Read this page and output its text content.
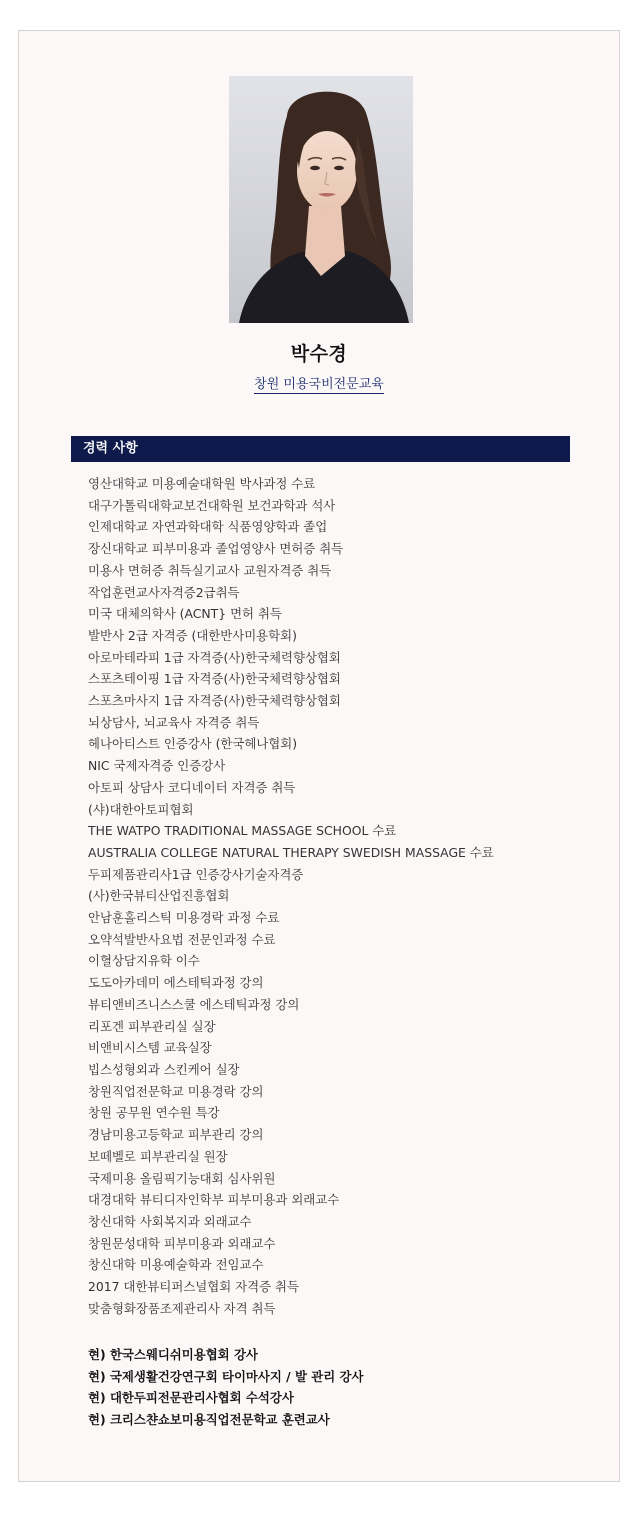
박수경
창원 미용국비전문교육
경력 사항
영산대학교 미용예술대학원 박사과정 수료
대구가톨릭대학교보건대학원 보건과학과 석사
인제대학교 자연과학대학 식품영양학과 졸업
장신대학교 피부미용과 졸업영양사 면허증 취득
미용사 면허증 취득실기교사 교원자격증 취득
작업훈련교사자격증2급취득
미국 대체의학사 (ACNT} 면허 취득
발반사 2급 자격증 (대한반사미용학회)
아로마테라피 1급 자격증(사)한국체력향상협회
스포츠테이핑 1급 자격증(사)한국체력향상협회
스포츠마사지 1급 자격증(사)한국체력향상협회
뇌상담사, 뇌교육사 자격증 취득
헤나아티스트 인증강사 (한국헤나협회)
NIC 국제자격증 인증강사
아토피 상담사 코디네이터 자격증 취득
(샤)대한아토피협회
THE WATPO TRADITIONAL MASSAGE SCHOOL 수료
AUSTRALIA COLLEGE NATURAL THERAPY SWEDISH MASSAGE 수료
두피제품관리사1급 인증강사기술자격증
(사)한국뷰티산업진흥협회
안남훈홀리스틱 미용경락 과정 수료
오약석발반사요법 전문인과정 수료
이혈상담지유학 이수
도도아카데미 에스테틱과정 강의
뷰티앤비즈니스스쿨 에스테틱과정 강의
리포겐 피부관리실 실장
비앤비시스템 교육실장
빕스성형외과 스킨케어 실장
창원직업전문학교 미용경락 강의
창원 공무원 연수원 특강
경남미용고등학교 피부관리 강의
보떼벨로 피부관리실 원장
국제미용 올림픽기능대회 심사위원
대경대학 뷰티디자인학부 피부미용과 외래교수
창신대학 사회복지과 외래교수
창원문성대학 피부미용과 외래교수
창신대학 미용예술학과 전임교수
2017 대한뷰티퍼스널협회 자격증 취득
맞춤형화장품조제관리사 자격 취득
현) 한국스웨디쉬미용협회 강사
현) 국제생활건강연구회 타이마사지 / 발 관리 강사
현) 대한두피전문관리사협회 수석강사
현) 크리스챤쇼보미용직업전문학교 훈련교사
